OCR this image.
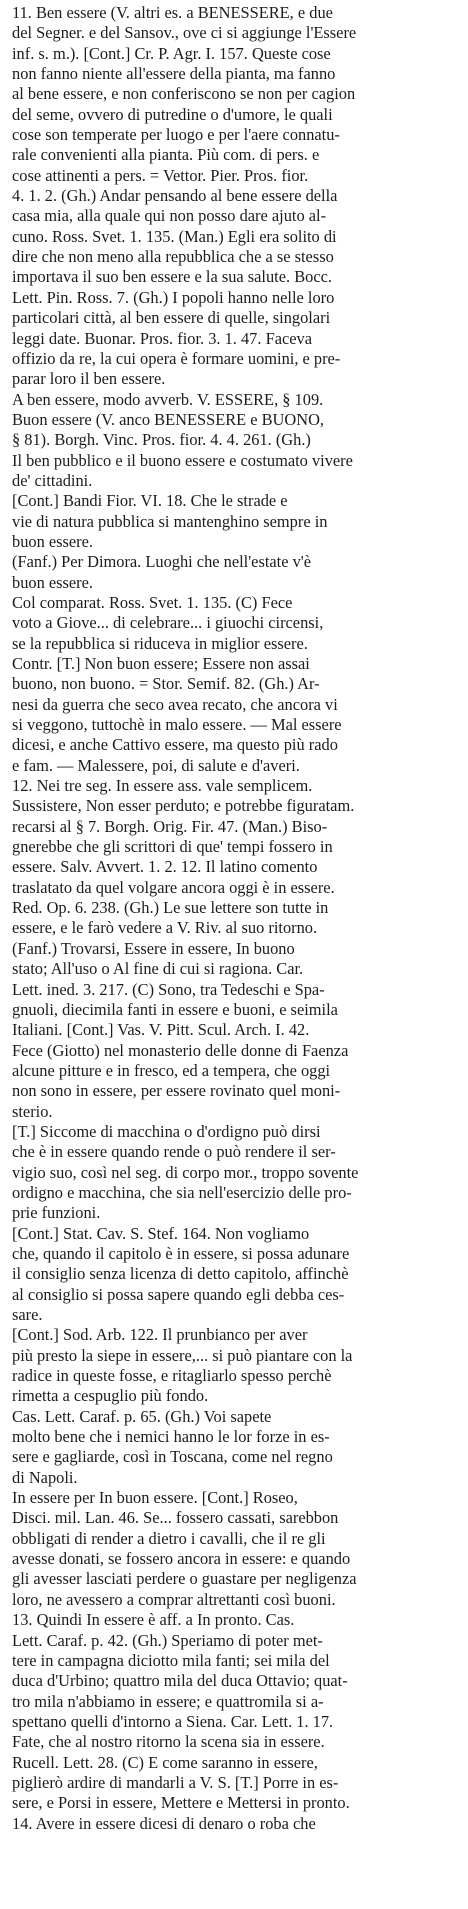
11. Ben essere (V. altri es. a BENESSERE, e due
del Segner. e del Sansov., ove ci si aggiunge l'Essere
inf. s. m.). [Cont.] Cr. P. Agr. I. 157. Queste cose
non fanno niente all'essere della pianta, ma fanno
al bene essere, e non conferiscono se non per cagion
del seme, ovvero di putredine o d'umore, le quali
cose son temperate per luogo e per l'aere connatu-
rale convenienti alla pianta. Più com. di pers. e
cose attinenti a pers. = Vettor. Pier. Pros. fior.
4. 1. 2. (Gh.) Andar pensando al bene essere della
casa mia, alla quale qui non posso dare ajuto al-
cuno. Ross. Svet. 1. 135. (Man.) Egli era solito di
dire che non meno alla repubblica che a se stesso
importava il suo ben essere e la sua salute. Bocc.
Lett. Pin. Ross. 7. (Gh.) I popoli hanno nelle loro
particolari città, al ben essere di quelle, singolari
leggi date. Buonar. Pros. fior. 3. 1. 47. Faceva
offizio da re, la cui opera è formare uomini, e pre-
parar loro il ben essere.
A ben essere, modo avverb. V. ESSERE, § 109.
Buon essere (V. anco BENESSERE e BUONO,
§ 81). Borgh. Vinc. Pros. fior. 4. 4. 261. (Gh.)
Il ben pubblico e il buono essere e costumato vivere
de' cittadini.
[Cont.] Bandi Fior. VI. 18. Che le strade e
vie di natura pubblica si mantenghino sempre in
buon essere.
(Fanf.) Per Dimora. Luoghi che nell'estate v'è
buon essere.
Col comparat. Ross. Svet. 1. 135. (C) Fece
voto a Giove... di celebrare... i giuochi circensi,
se la repubblica si riduceva in miglior essere.
Contr. [T.] Non buon essere; Essere non assai
buono, non buono. = Stor. Semif. 82. (Gh.) Ar-
nesi da guerra che seco avea recato, che ancora vi
si veggono, tuttochè in malo essere. — Mal essere
dicesi, e anche Cattivo essere, ma questo più rado
e fam. — Malessere, poi, di salute e d'averi.
12. Nei tre seg. In essere ass. vale semplicem.
Sussistere, Non esser perduto; e potrebbe figuratam.
recarsi al § 7. Borgh. Orig. Fir. 47. (Man.) Biso-
gnerebbe che gli scrittori di que' tempi fossero in
essere. Salv. Avvert. 1. 2. 12. Il latino comento
traslatato da quel volgare ancora oggi è in essere.
Red. Op. 6. 238. (Gh.) Le sue lettere son tutte in
essere, e le farò vedere a V. Riv. al suo ritorno.
(Fanf.) Trovarsi, Essere in essere, In buono
stato; All'uso o Al fine di cui si ragiona. Car.
Lett. ined. 3. 217. (C) Sono, tra Tedeschi e Spa-
gnuoli, diecimila fanti in essere e buoni, e seimila
Italiani. [Cont.] Vas. V. Pitt. Scul. Arch. I. 42.
Fece (Giotto) nel monasterio delle donne di Faenza
alcune pitture e in fresco, ed a tempera, che oggi
non sono in essere, per essere rovinato quel moni-
sterio.
[T.] Siccome di macchina o d'ordigno può dirsi
che è in essere quando rende o può rendere il ser-
vigio suo, così nel seg. di corpo mor., troppo sovente
ordigno e macchina, che sia nell'esercizio delle pro-
prie funzioni.
[Cont.] Stat. Cav. S. Stef. 164. Non vogliamo
che, quando il capitolo è in essere, si possa adunare
il consiglio senza licenza di detto capitolo, affinchè
al consiglio si possa sapere quando egli debba ces-
sare.
[Cont.] Sod. Arb. 122. Il prunbianco per aver
più presto la siepe in essere,... si può piantare con la
radice in queste fosse, e ritagliarlo spesso perchè
rimetta a cespuglio più fondo.
Cas. Lett. Caraf. p. 65. (Gh.) Voi sapete
molto bene che i nemici hanno le lor forze in es-
sere e gagliarde, così in Toscana, come nel regno
di Napoli.
In essere per In buon essere. [Cont.] Roseo,
Disci. mil. Lan. 46. Se... fossero cassati, sarebbon
obbligati di render a dietro i cavalli, che il re gli
avesse donati, se fossero ancora in essere: e quando
gli avesser lasciati perdere o guastare per negligenza
loro, ne avessero a comprar altrettanti così buoni.
13. Quindi In essere è aff. a In pronto. Cas.
Lett. Caraf. p. 42. (Gh.) Speriamo di poter met-
tere in campagna diciotto mila fanti; sei mila del
duca d'Urbino; quattro mila del duca Ottavio; quat-
tro mila n'abbiamo in essere; e quattromila si a-
spettano quelli d'intorno a Siena. Car. Lett. 1. 17.
Fate, che al nostro ritorno la scena sia in essere.
Rucell. Lett. 28. (C) E come saranno in essere,
piglierò ardire di mandarli a V. S. [T.] Porre in es-
sere, e Porsi in essere, Mettere e Mettersi in pronto.
14. Avere in essere dicesi di denaro o roba che
